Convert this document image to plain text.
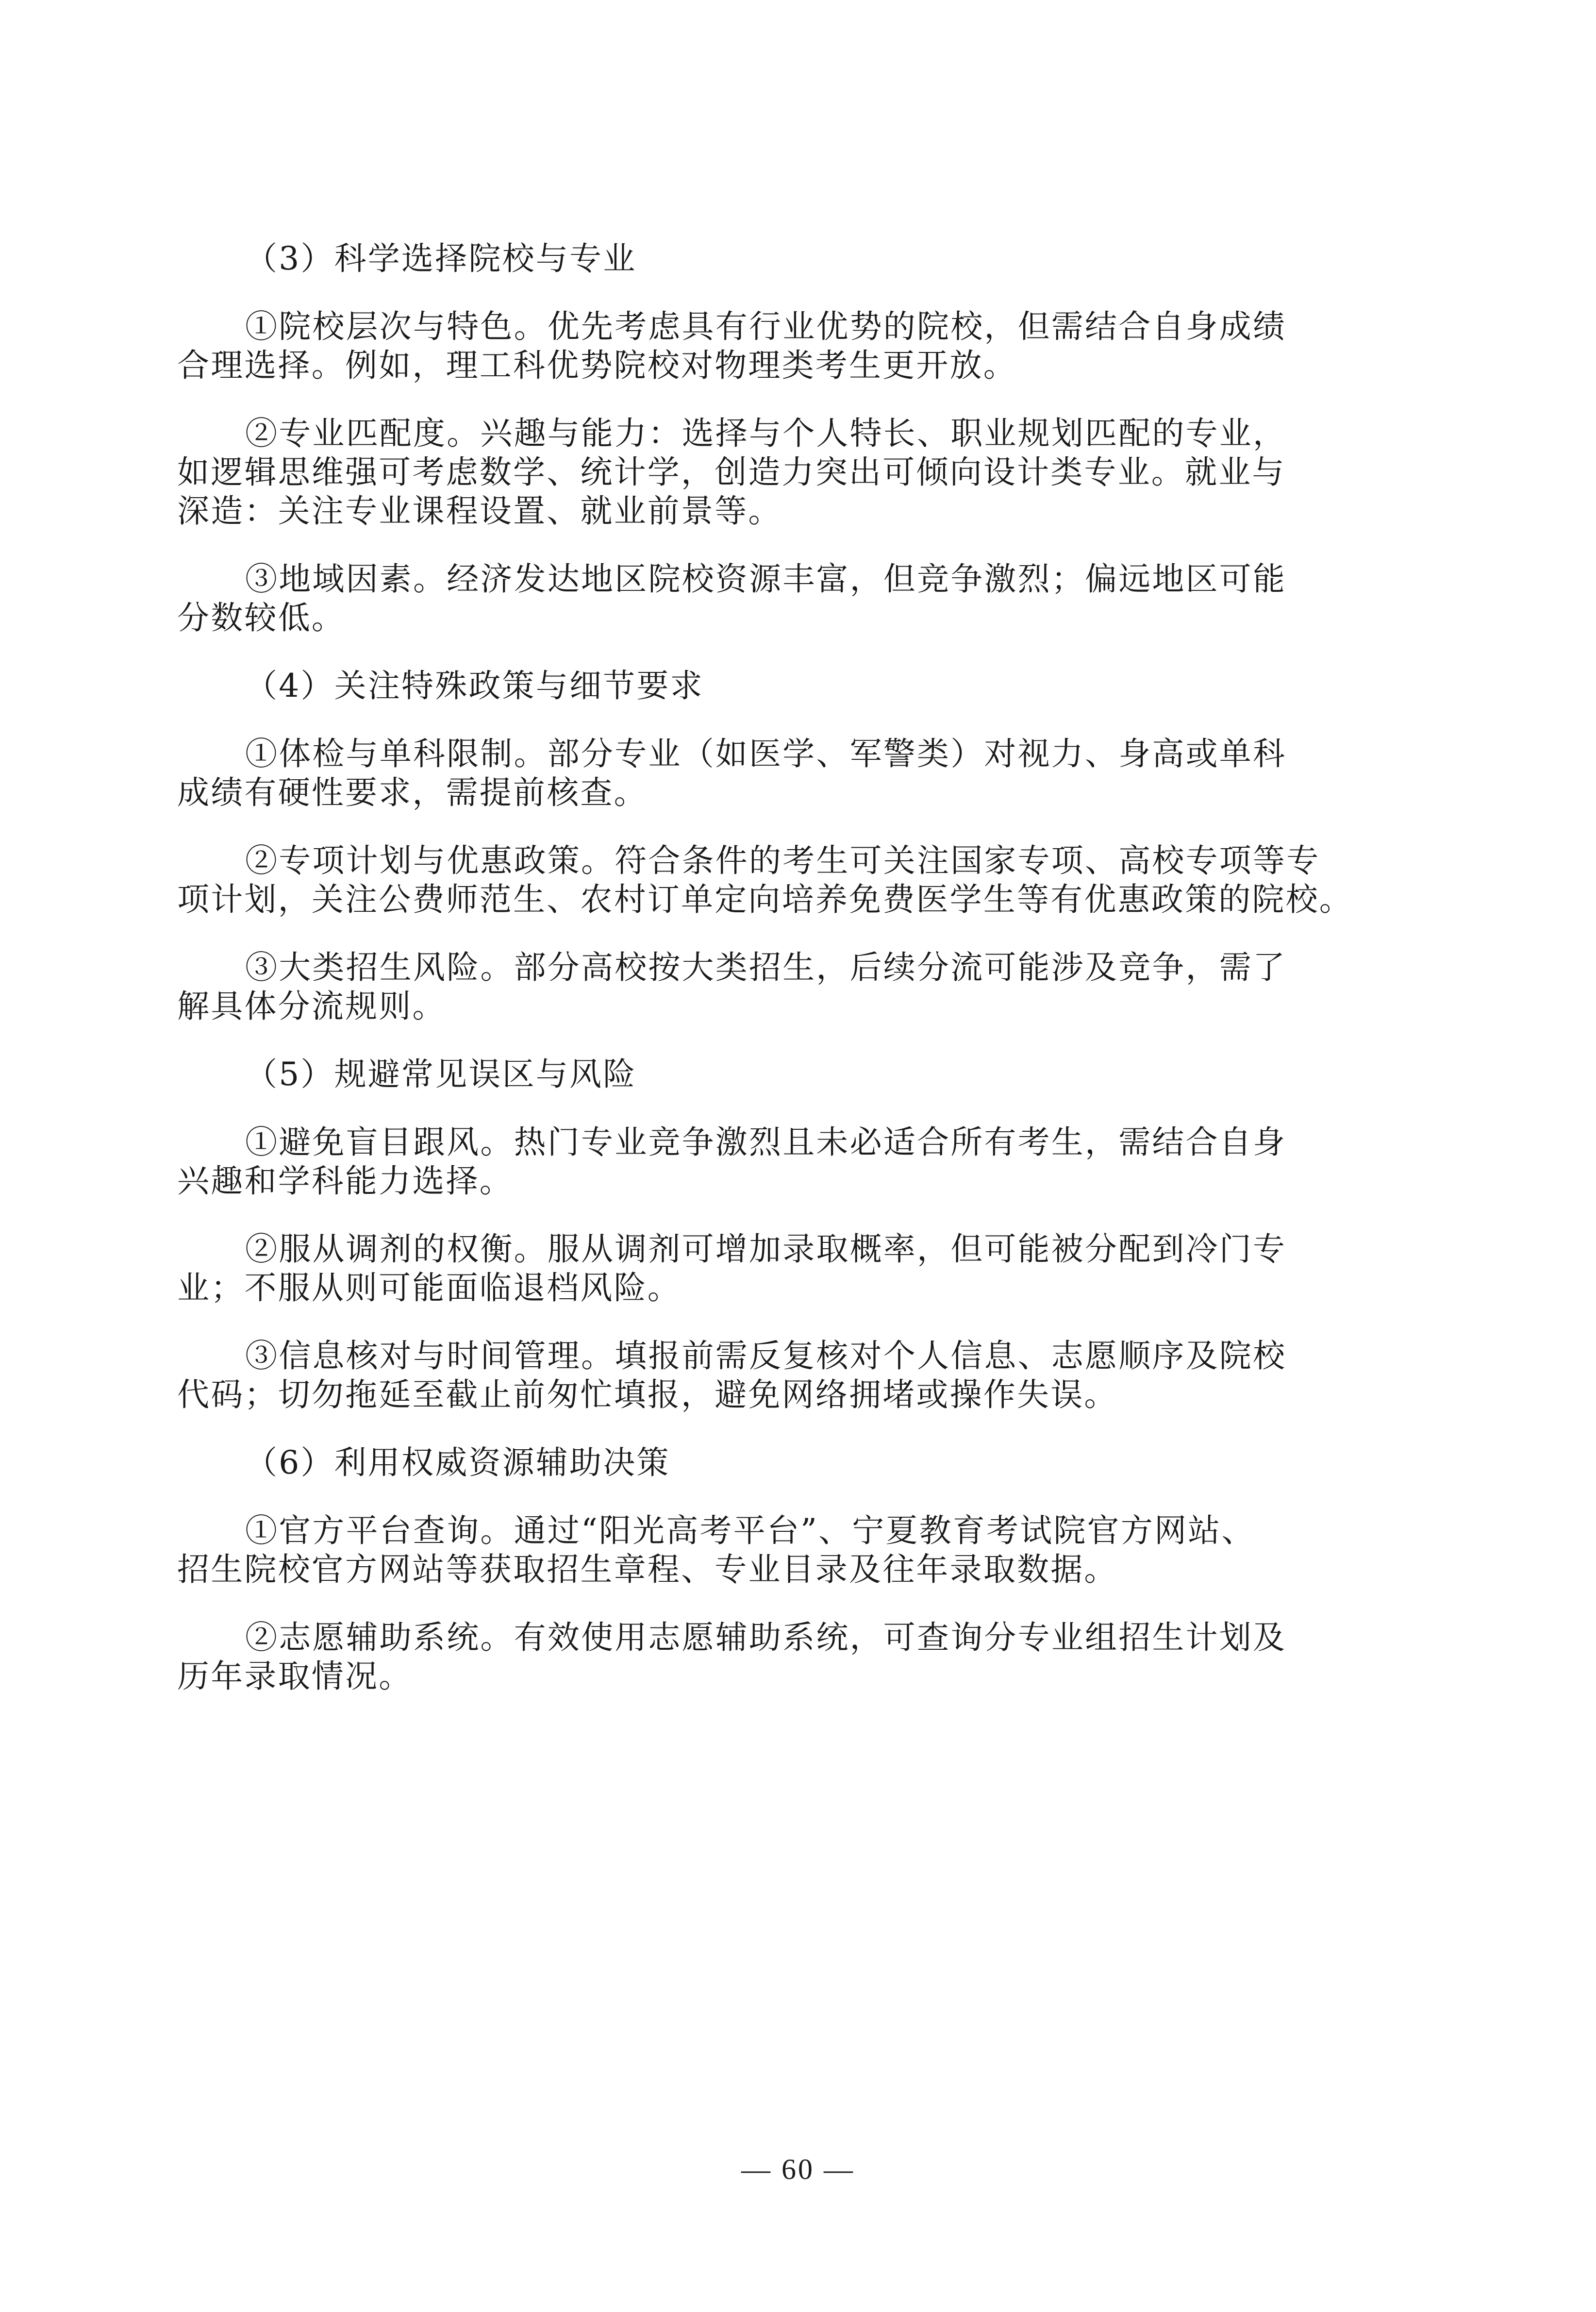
（3）科学选择院校与专业
①院校层次与特色。优先考虑具有行业优势的院校，但需结合自身成绩
合理选择。例如，理工科优势院校对物理类考生更开放。
②专业匹配度。兴趣与能力：选择与个人特长、职业规划匹配的专业，
如逻辑思维强可考虑数学、统计学，创造力突出可倾向设计类专业。就业与
深造：关注专业课程设置、就业前景等。
③地域因素。经济发达地区院校资源丰富，但竞争激烈；偏远地区可能
分数较低。
（4）关注特殊政策与细节要求
①体检与单科限制。部分专业（如医学、军警类）对视力、身高或单科
成绩有硬性要求，需提前核查。
②专项计划与优惠政策。符合条件的考生可关注国家专项、高校专项等专
项计划，关注公费师范生、农村订单定向培养免费医学生等有优惠政策的院校。
③大类招生风险。部分高校按大类招生，后续分流可能涉及竞争，需了
解具体分流规则。
（5）规避常见误区与风险
①避免盲目跟风。热门专业竞争激烈且未必适合所有考生，需结合自身
兴趣和学科能力选择。
②服从调剂的权衡。服从调剂可增加录取概率，但可能被分配到冷门专
业；不服从则可能面临退档风险。
③信息核对与时间管理。填报前需反复核对个人信息、志愿顺序及院校
代码；切勿拖延至截止前匆忙填报，避免网络拥堵或操作失误。
（6）利用权威资源辅助决策
①官方平台查询。通过“阳光高考平台”、宁夏教育考试院官方网站、
招生院校官方网站等获取招生章程、专业目录及往年录取数据。
②志愿辅助系统。有效使用志愿辅助系统，可查询分专业组招生计划及
历年录取情况。
— 60 —
